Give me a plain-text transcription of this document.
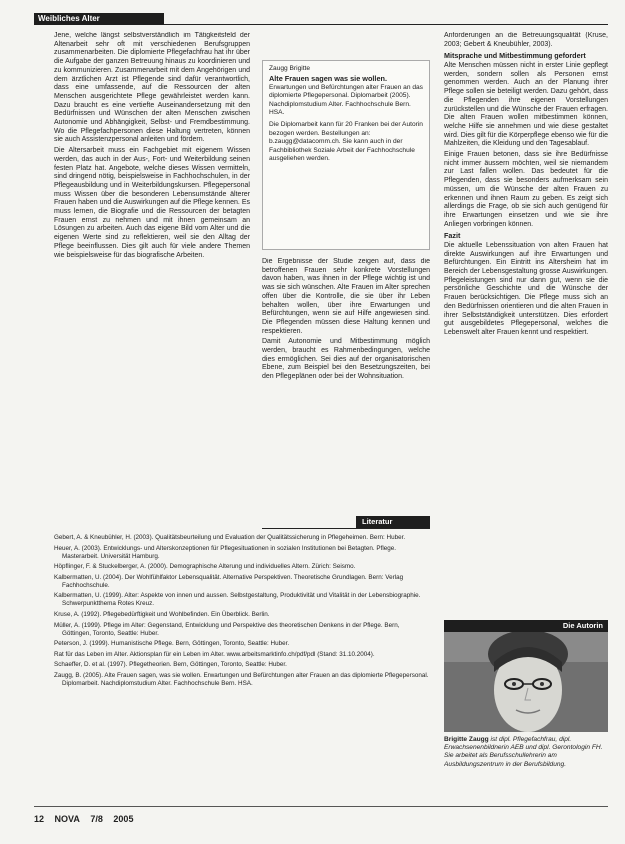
Weibliches Alter

Jene, welche längst selbstverständlich im Tätigkeitsfeld der Altenarbeit sehr oft mit verschiedenen Berufsgruppen zusammenarbeiten. Die diplomierte Pflegefachfrau hat ihr über die Aufgabe der ganzen Betreuung hinaus zu koordinieren und zu kommunizieren. Zusammenarbeit mit dem Angehörigen und dem ärztlichen Arzt ist Pflegende sind dafür verantwortlich, dass eine umfassende, auf die Ressourcen der alten Menschen ausgerichtete Pflege gewährleistet werden kann. Dazu braucht es eine vertiefte Auseinandersetzung mit den Bedürfnissen und Wünschen der alten Menschen zwischen Autonomie und Abhängigkeit, Selbst- und Fremdbestimmung. Wo die Pflegefachpersonen diese Haltung vertreten, können sie auch Assistenzpersonal anleiten und fördern.

Die Altersarbeit muss ein Fachgebiet mit eigenem Wissen werden, das auch in der Aus-, Fort- und Weiterbildung seinen festen Platz hat. Angebote, welche dieses Wissen vermitteln, sind dringend nötig, beispielsweise in Fachhochschulen, in der Pflegeausbildung und in Weiterbildungskursen. Pflegepersonal muss Wissen über die besonderen Lebensumstände älterer Frauen haben und die Auswirkungen auf die Pflege kennen. Es muss lernen, die Biografie und die Ressourcen der betagten Frauen ernst zu nehmen und mit ihnen gemeinsam an Lösungen zu arbeiten. Auch das eigene Bild vom Alter und die eigenen Werte sind zu reflektieren, weil sie den Alltag der Pflege beeinflussen. Dies gilt auch für viele andere Themen wie beispielsweise für das biografische Arbeiten.

Zaugg Brigitte
Alte Frauen sagen was sie wollen.

Erwartungen und Befürchtungen alter Frauen an das diplomierte Pflegepersonal. Diplomarbeit (2005). Nachdiplomstudium Alter. Fachhochschule Bern. HSA.

Die Diplomarbeit kann für 20 Franken bei der Autorin bezogen werden. Bestellungen an: b.zaugg@datacomm.ch. Sie kann auch in der Fachbibliothek Soziale Arbeit der Fachhochschule ausgeliehen werden.

Die Ergebnisse der Studie zeigen auf, dass die betroffenen Frauen sehr konkrete Vorstellungen davon haben, was ihnen in der Pflege wichtig ist und was sie sich wünschen. Alte Frauen im Alter sprechen offen über die Kontrolle, die sie über ihr Leben behalten wollen, über ihre Erwartungen und Befürchtungen, wenn sie auf Hilfe angewiesen sind. Die Pflegenden müssen diese Haltung kennen und respektieren.

Damit Autonomie und Mitbestimmung möglich werden, braucht es Rahmenbedingungen, welche dies ermöglichen. Sei dies auf der organisatorischen Ebene, zum Beispiel bei den Besetzungszeiten, bei den Pflegeplänen oder bei der Wohnsituation.

Anforderungen an die Betreuungsqualität (Kruse, 2003; Gebert & Kneubühler, 2003).

Mitsprache und Mitbestimmung gefordert

Alte Menschen müssen nicht in erster Linie gepflegt werden, sondern sollen als Personen ernst genommen werden. Auch an der Planung ihrer Pflege sollen sie beteiligt werden. Dazu gehört, dass die Pflegenden ihre eigenen Vorstellungen zurückstellen und die Wünsche der Frauen erfragen. Die alten Frauen wollen mitbestimmen können, welche Hilfe sie annehmen und wie diese gestaltet wird. Dies gilt für die Körperpflege ebenso wie für die Mahlzeiten, die Kleidung und den Tagesablauf.

Einige Frauen betonen, dass sie ihre Bedürfnisse nicht immer äussern möchten, weil sie niemandem zur Last fallen wollen. Das bedeutet für die Pflegenden, dass sie besonders aufmerksam sein müssen, um die Wünsche der alten Frauen zu erkennen und ihnen Raum zu geben. Es zeigt sich allerdings die Frage, ob sie sich auch genügend für ihre Erwartungen einsetzen und wie sie ihre Anliegen vorbringen können.

Fazit

Die aktuelle Lebenssituation von alten Frauen hat direkte Auswirkungen auf ihre Erwartungen und Befürchtungen. Ein Eintritt ins Altersheim hat im Bereich der Lebensgestaltung grosse Auswirkungen. Pflegeleistungen sind nur dann gut, wenn sie die persönliche Geschichte und die Wünsche der Frauen berücksichtigen. Die Pflege muss sich an den Bedürfnissen orientieren und die alten Frauen in ihrer Selbstständigkeit unterstützen. Dies erfordert gut ausgebildetes Pflegepersonal, welches die Lebenswelt alter Frauen kennt und respektiert.

Literatur
Gebert, A. & Kneubühler, H. (2003). Qualitätsbeurteilung und Evaluation der Qualitätssicherung in Pflegeheimen. Bern: Huber.
Heuer, A. (2003). Entwicklungs- und Alterskonzeptionen für Pflegesituationen in sozialen Institutionen bei Betagten. Pflege. Masterarbeit. Universität Hamburg.
Höpflinger, F. & Stuckelberger, A. (2000). Demographische Alterung und individuelles Altern. Zürich: Seismo.
Kalbermatten, U. (2004). Der Wohlfühlfaktor Lebensqualität. Alternative Perspektiven. Theoretische Grundlagen. Bern: Verlag Fachhochschule.
Kalbermatten, U. (1999). Alter: Aspekte von innen und aussen. Selbstgestaltung, Produktivität und Vitalität in der Lebensbiographie. Schwerpunktthema Rotes Kreuz.
Kruse, A. (1992). Pflegebedürftigkeit und Wohlbefinden. Ein Überblick. Berlin.
Müller, A. (1999). Pflege im Alter: Gegenstand, Entwicklung und Perspektive des theoretischen Denkens in der Pflege. Bern, Göttingen, Toronto, Seattle: Huber.
Peterson, J. (1999). Humanistische Pflege. Bern, Göttingen, Toronto, Seattle: Huber.
Rat für das Leben im Alter. Aktionsplan für ein Leben im Alter. www.arbeitsmarktinfo.ch/pdf/pdl (Stand: 31.10.2004).
Schaeffer, D. et al. (1997). Pflegetheorien. Bern, Göttingen, Toronto, Seattle: Huber.
Zaugg, B. (2005). Alte Frauen sagen, was sie wollen. Erwartungen und Befürchtungen alter Frauen an das diplomierte Pflegepersonal. Diplomarbeit. Nachdiplomstudium Alter. Fachhochschule Bern. HSA.
Die Autorin
Brigitte Zaugg ist dipl. Pflegefachfrau, dipl. Erwachsenenbildnerin AEB und dipl. Gerontologin FH. Sie arbeitet als Berufsschullehrerin am Ausbildungszentrum in der Berufsbildung.
12 NOVA 7/8 2005
